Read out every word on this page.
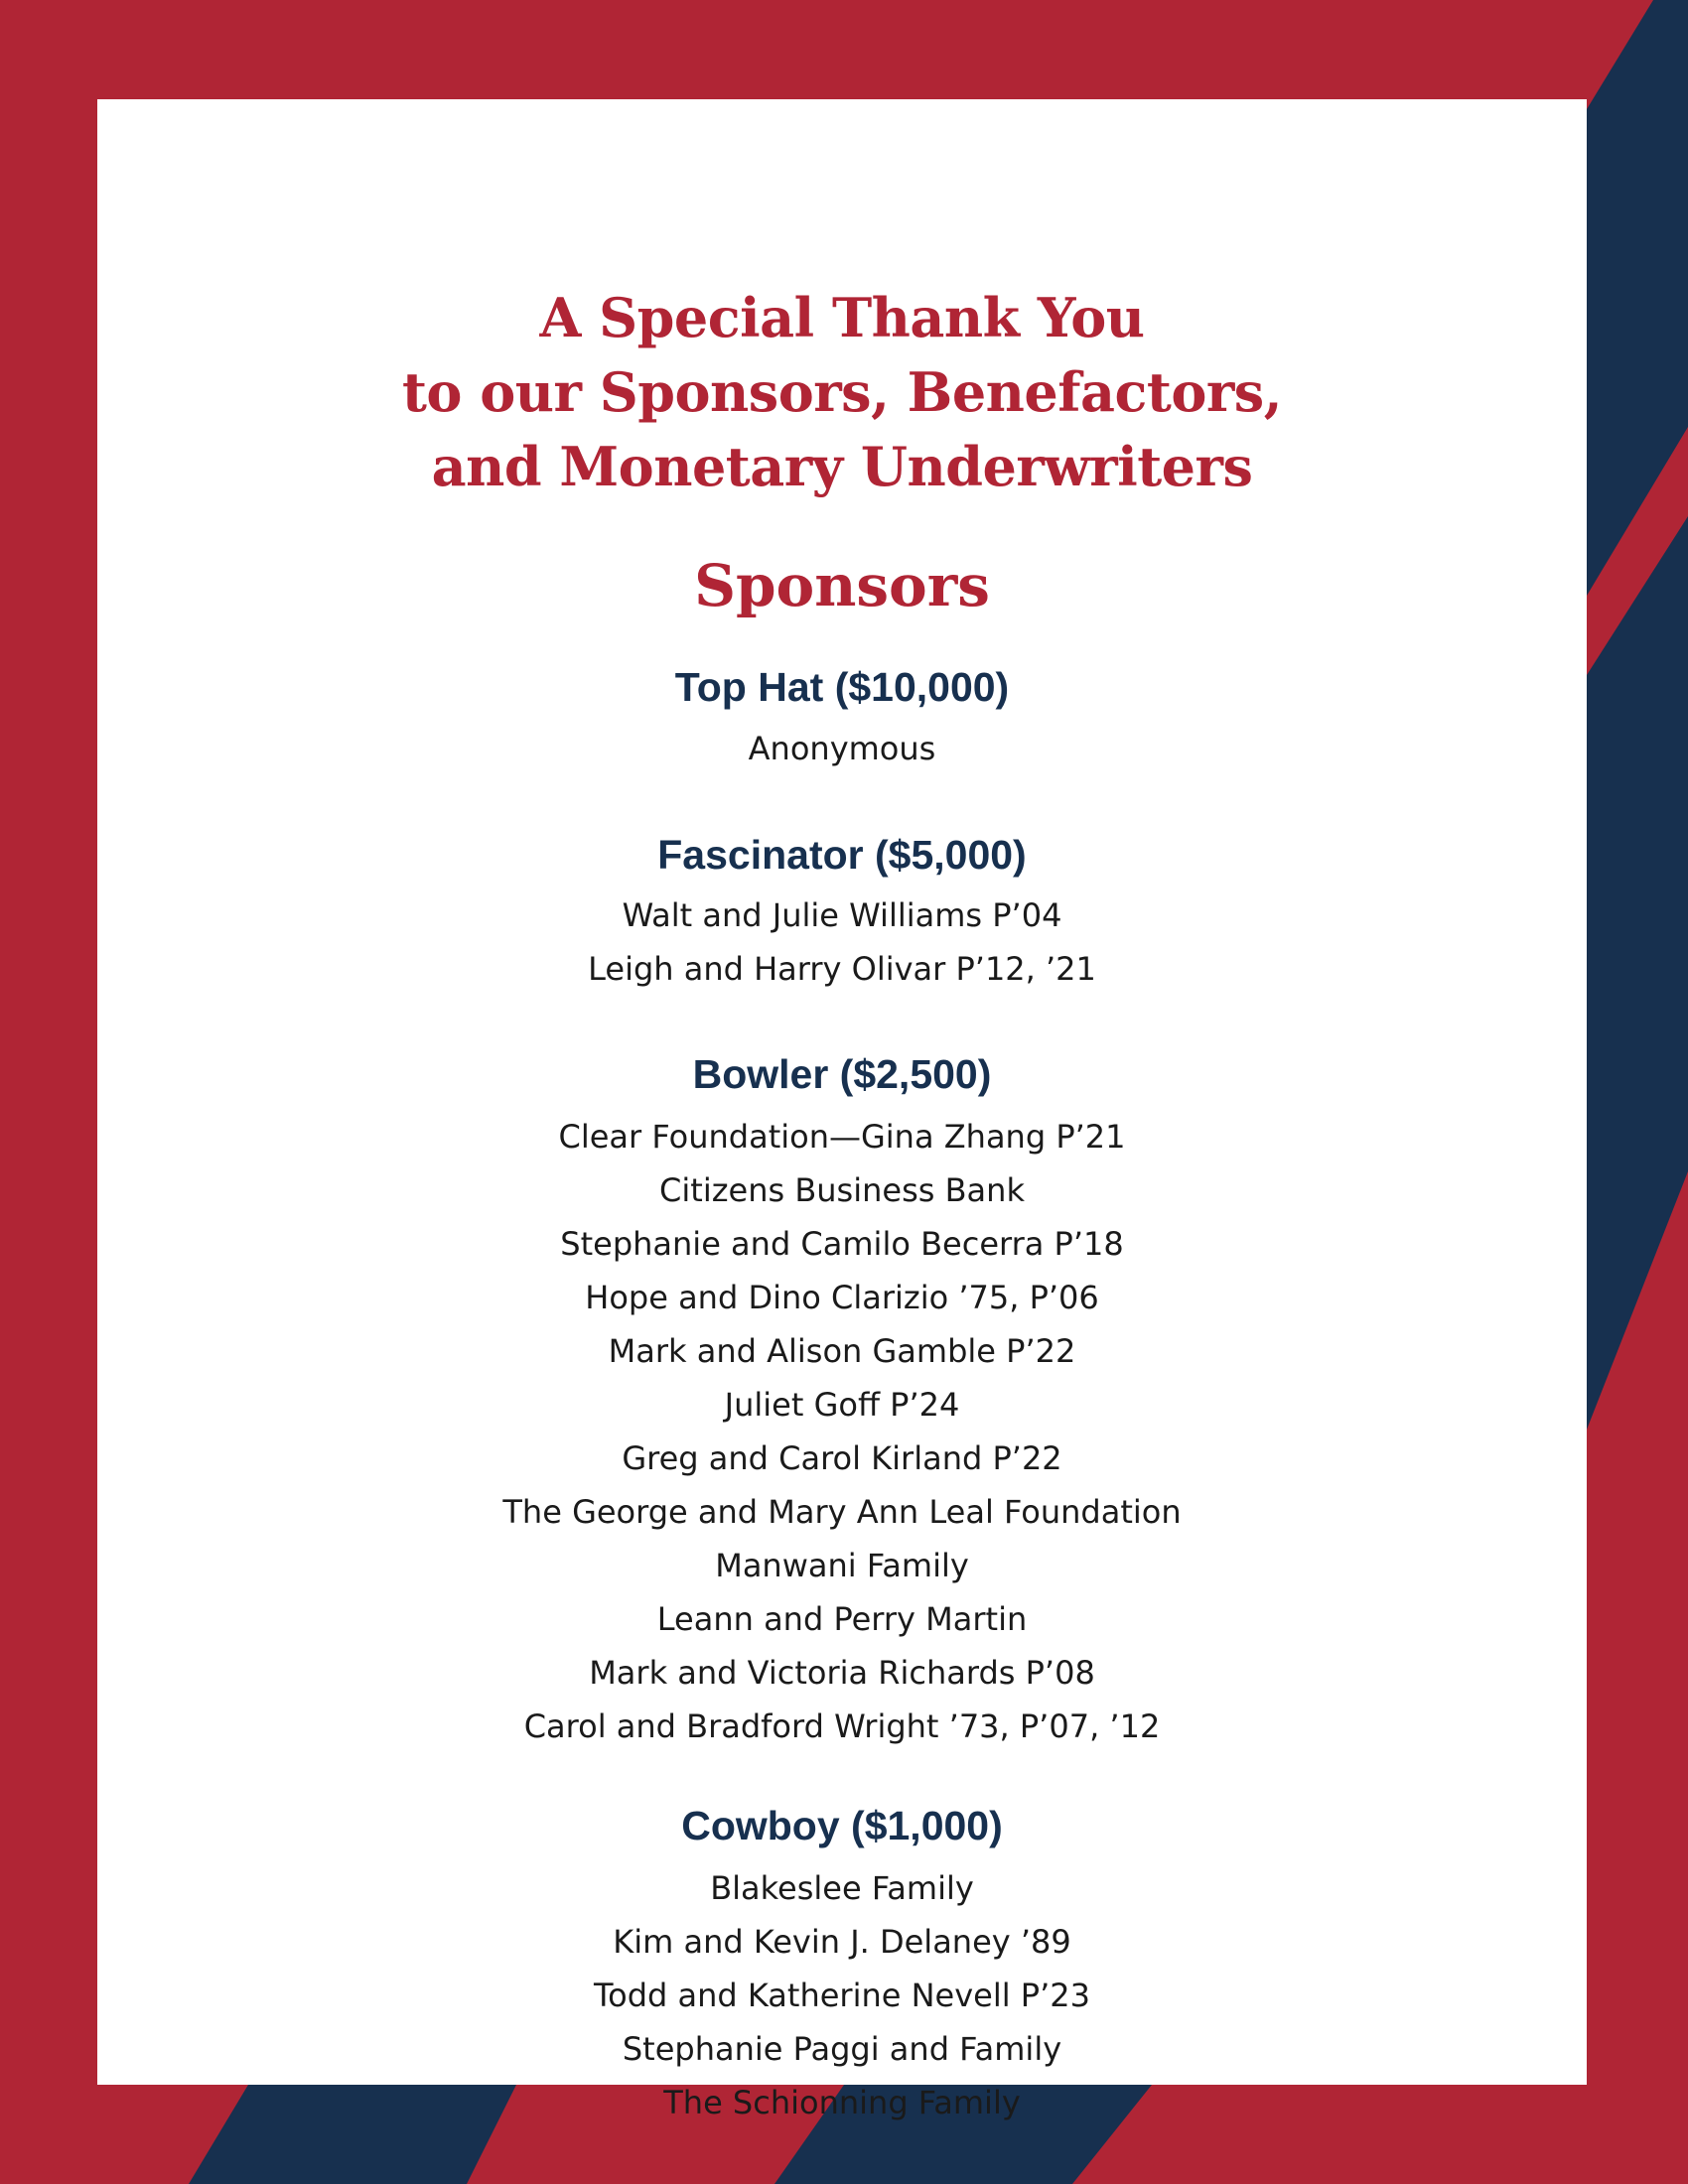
A Special Thank You
to our Sponsors, Benefactors,
and Monetary Underwriters
Sponsors
Top Hat ($10,000)
Anonymous
Fascinator ($5,000)
Walt and Julie Williams P’04
Leigh and Harry Olivar P’12, ’21
Bowler ($2,500)
Clear Foundation—Gina Zhang P’21
Citizens Business Bank
Stephanie and Camilo Becerra P’18
Hope and Dino Clarizio ’75, P’06
Mark and Alison Gamble P’22
Juliet Goff P’24
Greg and Carol Kirland P’22
The George and Mary Ann Leal Foundation
Manwani Family
Leann and Perry Martin
Mark and Victoria Richards P’08
Carol and Bradford Wright ’73, P’07, ’12
Cowboy ($1,000)
Blakeslee Family
Kim and Kevin J. Delaney ’89
Todd and Katherine Nevell P’23
Stephanie Paggi and Family
The Schionning Family
